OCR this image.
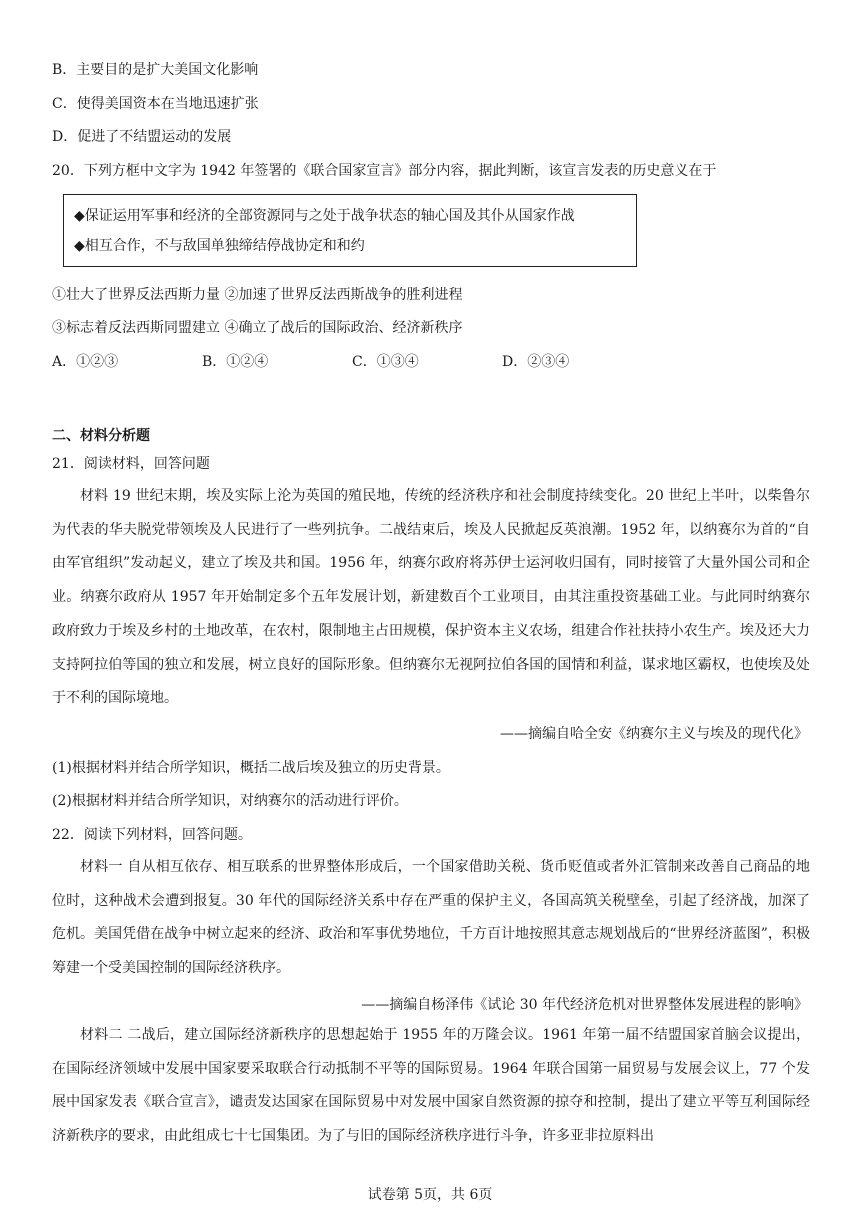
B．主要目的是扩大美国文化影响
C．使得美国资本在当地迅速扩张
D．促进了不结盟运动的发展
20．下列方框中文字为 1942 年签署的《联合国家宣言》部分内容，据此判断，该宣言发表的历史意义在于
◆保证运用军事和经济的全部资源同与之处于战争状态的轴心国及其仆从国家作战
◆相互合作，不与敌国单独缔结停战协定和和约
①壮大了世界反法西斯力量 ②加速了世界反法西斯战争的胜利进程
③标志着反法西斯同盟建立 ④确立了战后的国际政治、经济新秩序
A．①②③	B．①②④	C．①③④	D．②③④
二、材料分析题
21．阅读材料，回答问题
材料 19 世纪末期，埃及实际上沦为英国的殖民地，传统的经济秩序和社会制度持续变化。20 世纪上半叶，以柴鲁尔为代表的华夫脱党带领埃及人民进行了一些列抗争。二战结束后，埃及人民掀起反英浪潮。1952 年，以纳赛尔为首的“自由军官组织”发动起义，建立了埃及共和国。1956 年，纳赛尔政府将苏伊士运河收归国有，同时接管了大量外国公司和企业。纳赛尔政府从 1957 年开始制定多个五年发展计划，新建数百个工业项目，由其注重投资基础工业。与此同时纳赛尔政府致力于埃及乡村的土地改革，在农村，限制地主占田规模，保护资本主义农场，组建合作社扶持小农生产。埃及还大力支持阿拉伯等国的独立和发展，树立良好的国际形象。但纳赛尔无视阿拉伯各国的国情和利益，谋求地区霸权，也使埃及处于不利的国际境地。
——摘编自哈全安《纳赛尔主义与埃及的现代化》
(1)根据材料并结合所学知识，概括二战后埃及独立的历史背景。
(2)根据材料并结合所学知识，对纳赛尔的活动进行评价。
22．阅读下列材料，回答问题。
材料一 自从相互依存、相互联系的世界整体形成后，一个国家借助关税、货币贬值或者外汇管制来改善自己商品的地位时，这种战术会遭到报复。30 年代的国际经济关系中存在严重的保护主义，各国高筑关税壁垒，引起了经济战，加深了危机。美国凭借在战争中树立起来的经济、政治和军事优势地位，千方百计地按照其意志规划战后的“世界经济蓝图”，积极筹建一个受美国控制的国际经济秩序。
——摘编自杨泽伟《试论 30 年代经济危机对世界整体发展进程的影响》
材料二 二战后，建立国际经济新秩序的思想起始于 1955 年的万隆会议。1961 年第一届不结盟国家首脑会议提出，在国际经济领域中发展中国家要采取联合行动抵制不平等的国际贸易。1964 年联合国第一届贸易与发展会议上，77 个发展中国家发表《联合宣言》，谴责发达国家在国际贸易中对发展中国家自然资源的掠夺和控制，提出了建立平等互利国际经济新秩序的要求，由此组成七十七国集团。为了与旧的国际经济秩序进行斗争，许多亚非拉原料出
试卷第 5页，共 6页
